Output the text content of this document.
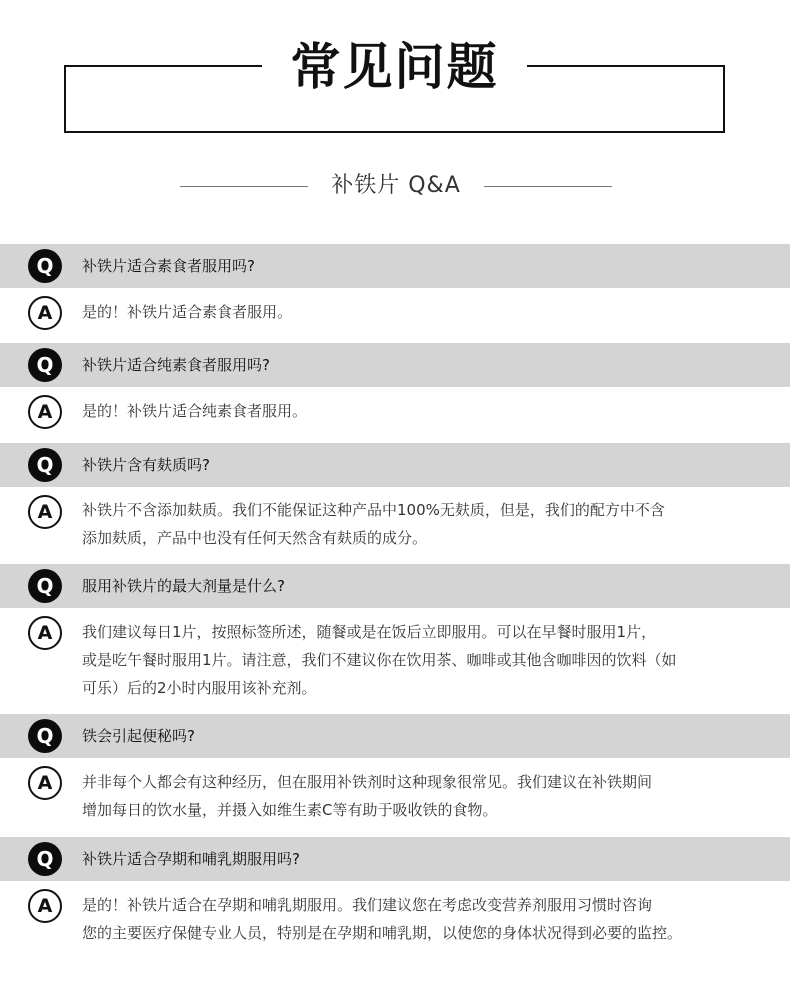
常见问题
补铁片 Q&A
Q	补铁片适合素食者服用吗?
A	是的！补铁片适合素食者服用。
Q	补铁片适合纯素食者服用吗?
A	是的！补铁片适合纯素食者服用。
Q	补铁片含有麸质吗?
A	补铁片不含添加麸质。我们不能保证这种产品中100%无麸质，但是，我们的配方中不含
添加麸质，产品中也没有任何天然含有麸质的成分。
Q	服用补铁片的最大剂量是什么?
A	我们建议每日1片，按照标签所述，随餐或是在饭后立即服用。可以在早餐时服用1片，
或是吃午餐时服用1片。请注意，我们不建议你在饮用茶、咖啡或其他含咖啡因的饮料（如
可乐）后的2小时内服用该补充剂。
Q	铁会引起便秘吗?
A	并非每个人都会有这种经历，但在服用补铁剂时这种现象很常见。我们建议在补铁期间
增加每日的饮水量，并摄入如维生素C等有助于吸收铁的食物。
Q	补铁片适合孕期和哺乳期服用吗?
A	是的！补铁片适合在孕期和哺乳期服用。我们建议您在考虑改变营养剂服用习惯时咨询
您的主要医疗保健专业人员，特别是在孕期和哺乳期，以使您的身体状况得到必要的监控。
